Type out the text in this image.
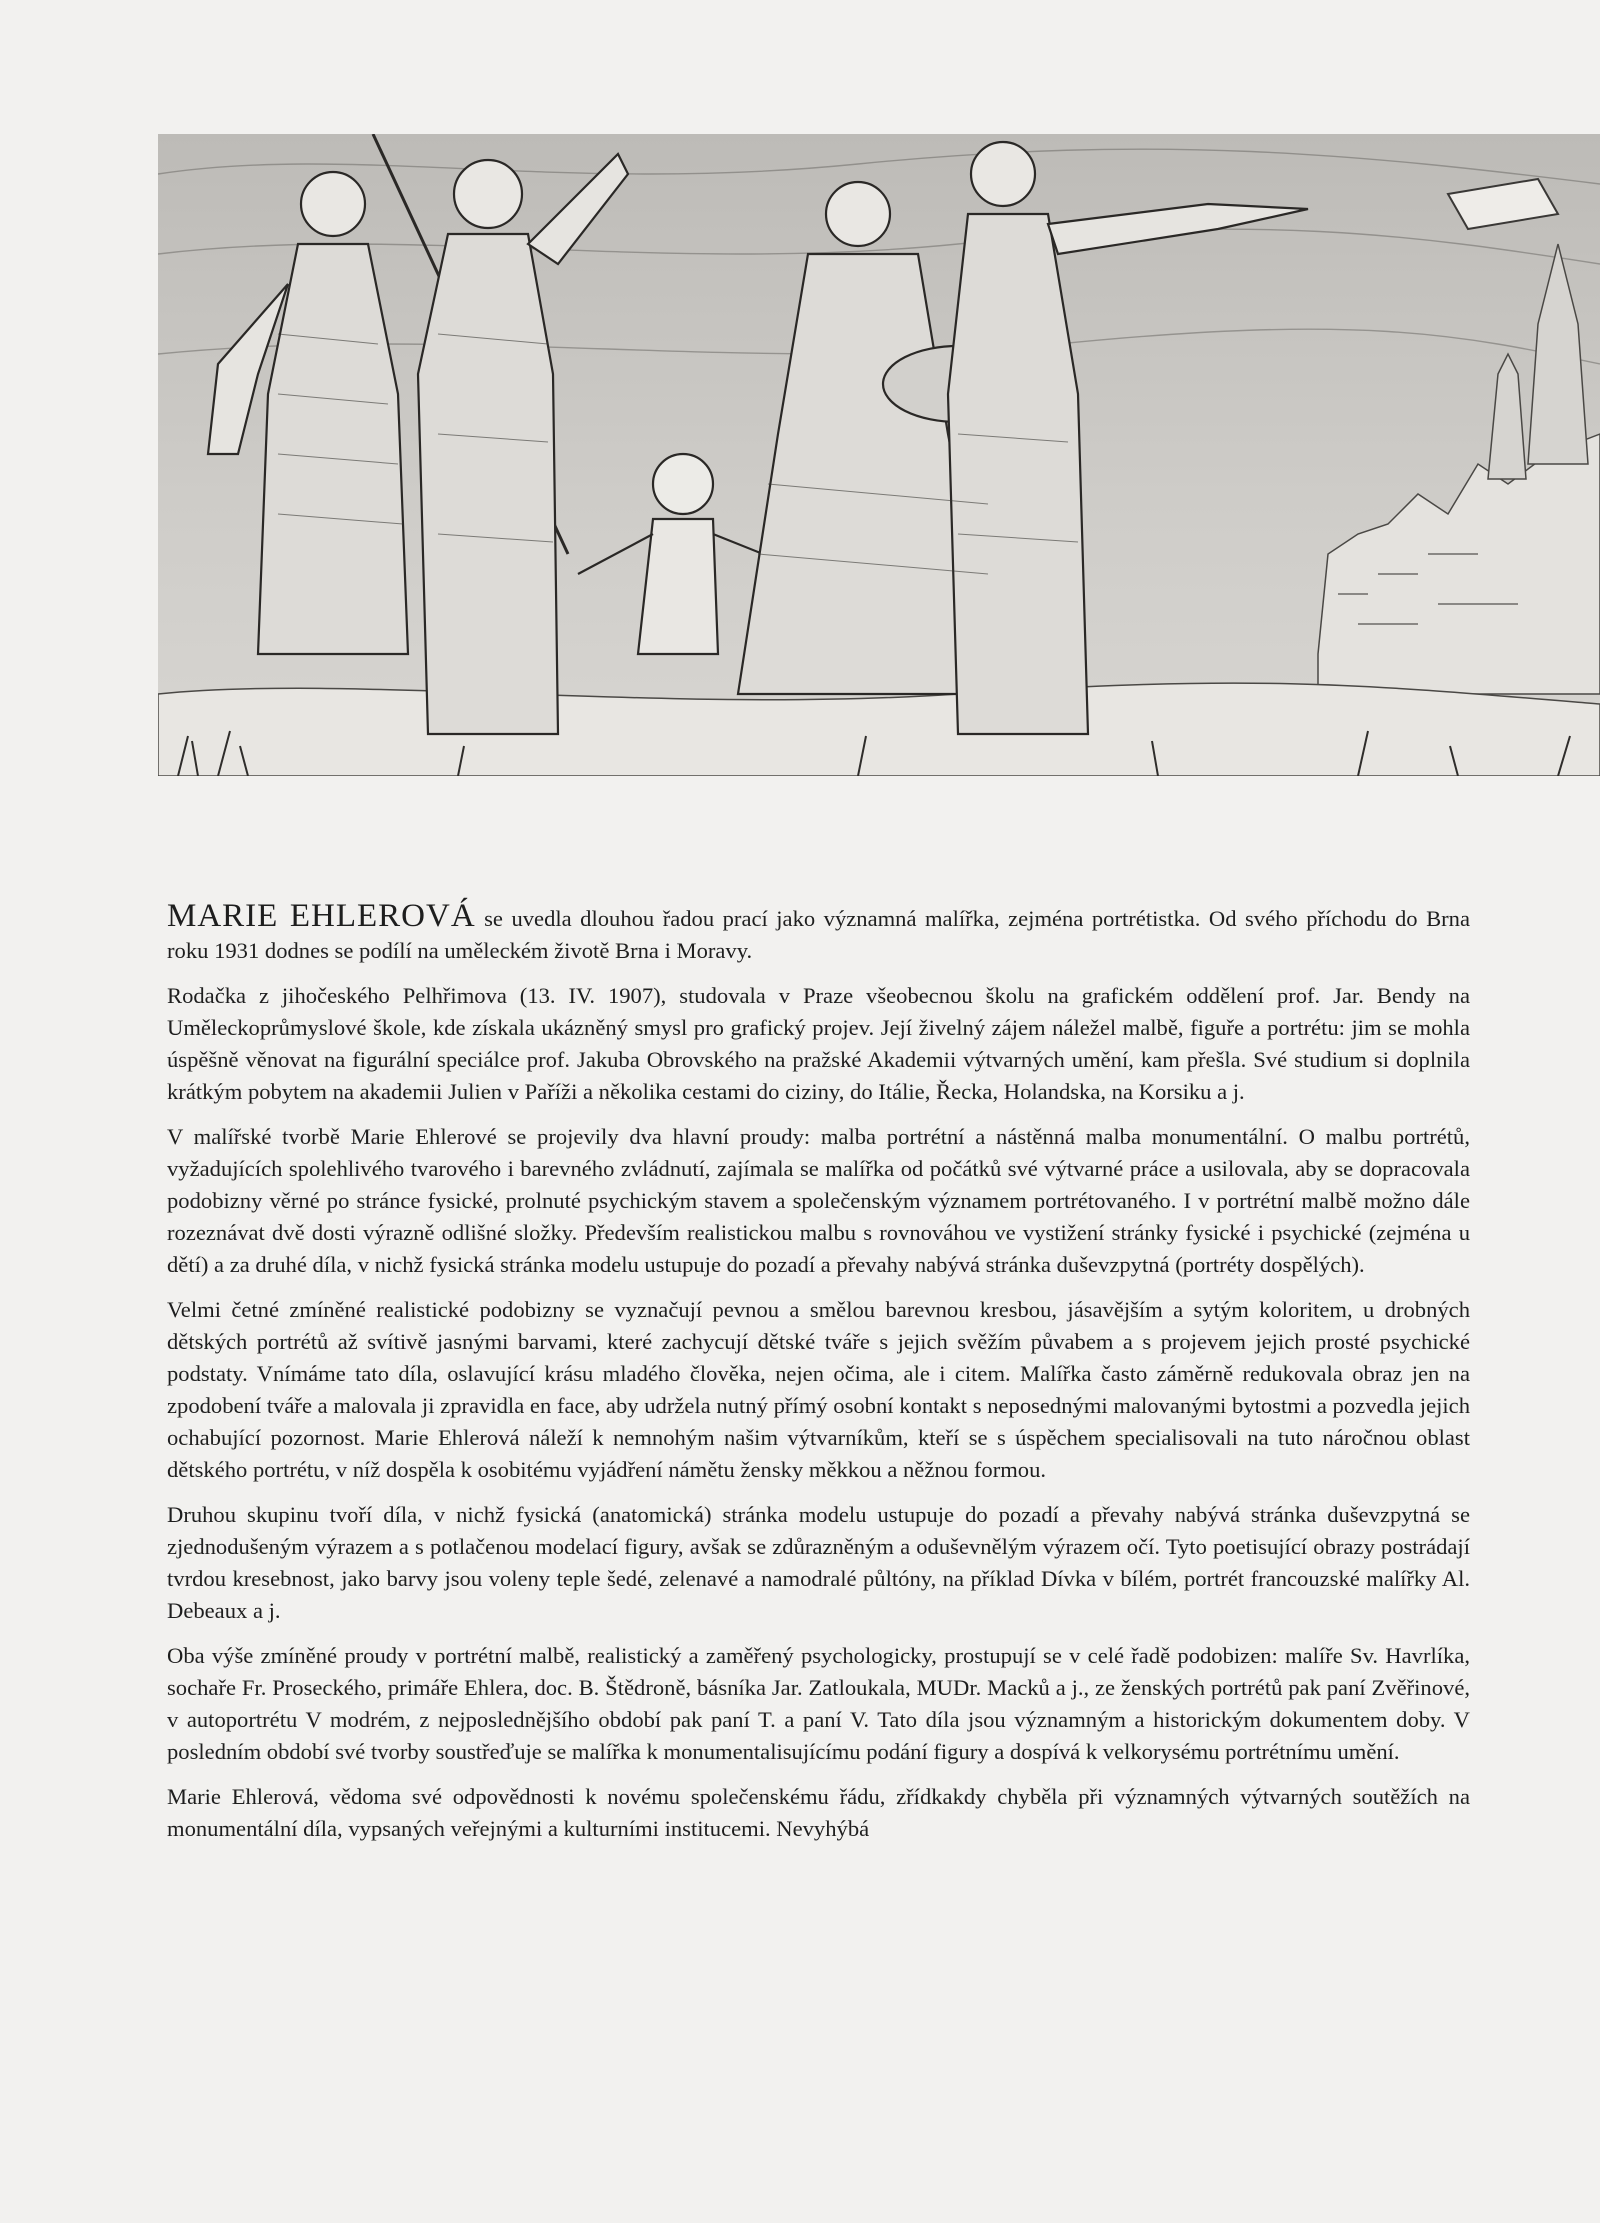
MARIE EHLEROVÁ se uvedla dlouhou řadou prací jako významná malířka, zejména portrétistka. Od svého příchodu do Brna roku 1931 dodnes se podílí na uměleckém životě Brna i Moravy.

Rodačka z jihočeského Pelhřimova (13. IV. 1907), studovala v Praze všeobecnou školu na grafickém oddělení prof. Jar. Bendy na Uměleckoprůmyslové škole, kde získala ukázněný smysl pro grafický projev. Její živelný zájem náležel malbě, figuře a portrétu: jim se mohla úspěšně věnovat na figurální speciálce prof. Jakuba Obrovského na pražské Akademii výtvarných umění, kam přešla. Své studium si doplnila krátkým pobytem na akademii Julien v Paříži a několika cestami do ciziny, do Itálie, Řecka, Holandska, na Korsiku a j.

V malířské tvorbě Marie Ehlerové se projevily dva hlavní proudy: malba portrétní a nástěnná malba monumentální. O malbu portrétů, vyžadujících spolehlivého tvarového i barevného zvládnutí, zajímala se malířka od počátků své výtvarné práce a usilovala, aby se dopracovala podobizny věrné po stránce fysické, prolnuté psychickým stavem a společenským významem portrétovaného. I v portrétní malbě možno dále rozeznávat dvě dosti výrazně odlišné složky. Především realistickou malbu s rovnováhou ve vystižení stránky fysické i psychické (zejména u dětí) a za druhé díla, v nichž fysická stránka modelu ustupuje do pozadí a převahy nabývá stránka duševzpytná (portréty dospělých).

Velmi četné zmíněné realistické podobizny se vyznačují pevnou a smělou barevnou kresbou, jásavějším a sytým koloritem, u drobných dětských portrétů až svítivě jasnými barvami, které zachycují dětské tváře s jejich svěžím půvabem a s projevem jejich prosté psychické podstaty. Vnímáme tato díla, oslavující krásu mladého člověka, nejen očima, ale i citem. Malířka často záměrně redukovala obraz jen na zpodobení tváře a malovala ji zpravidla en face, aby udržela nutný přímý osobní kontakt s neposednými malovanými bytostmi a pozvedla jejich ochabující pozornost. Marie Ehlerová náleží k nemnohým našim výtvarníkům, kteří se s úspěchem specialisovali na tuto náročnou oblast dětského portrétu, v níž dospěla k osobitému vyjádření námětu žensky měkkou a něžnou formou.

Druhou skupinu tvoří díla, v nichž fysická (anatomická) stránka modelu ustupuje do pozadí a převahy nabývá stránka duševzpytná se zjednodušeným výrazem a s potlačenou modelací figury, avšak se zdůrazněným a oduševnělým výrazem očí. Tyto poetisující obrazy postrádají tvrdou kresebnost, jako barvy jsou voleny teple šedé, zelenavé a namodralé půltóny, na příklad Dívka v bílém, portrét francouzské malířky Al. Debeaux a j.

Oba výše zmíněné proudy v portrétní malbě, realistický a zaměřený psychologicky, prostupují se v celé řadě podobizen: malíře Sv. Havrlíka, sochaře Fr. Proseckého, primáře Ehlera, doc. B. Štědroně, básníka Jar. Zatloukala, MUDr. Macků a j., ze ženských portrétů pak paní Zvěřinové, v autoportrétu V modrém, z nejposlednějšího období pak paní T. a paní V. Tato díla jsou významným a historickým dokumentem doby. V posledním období své tvorby soustřeďuje se malířka k monumentalisujícímu podání figury a dospívá k velkorysému portrétnímu umění.

Marie Ehlerová, vědoma své odpovědnosti k novému společenskému řádu, zřídkakdy chyběla při významných výtvarných soutěžích na monumentální díla, vypsaných veřejnými a kulturními institucemi. Nevyhýbá
